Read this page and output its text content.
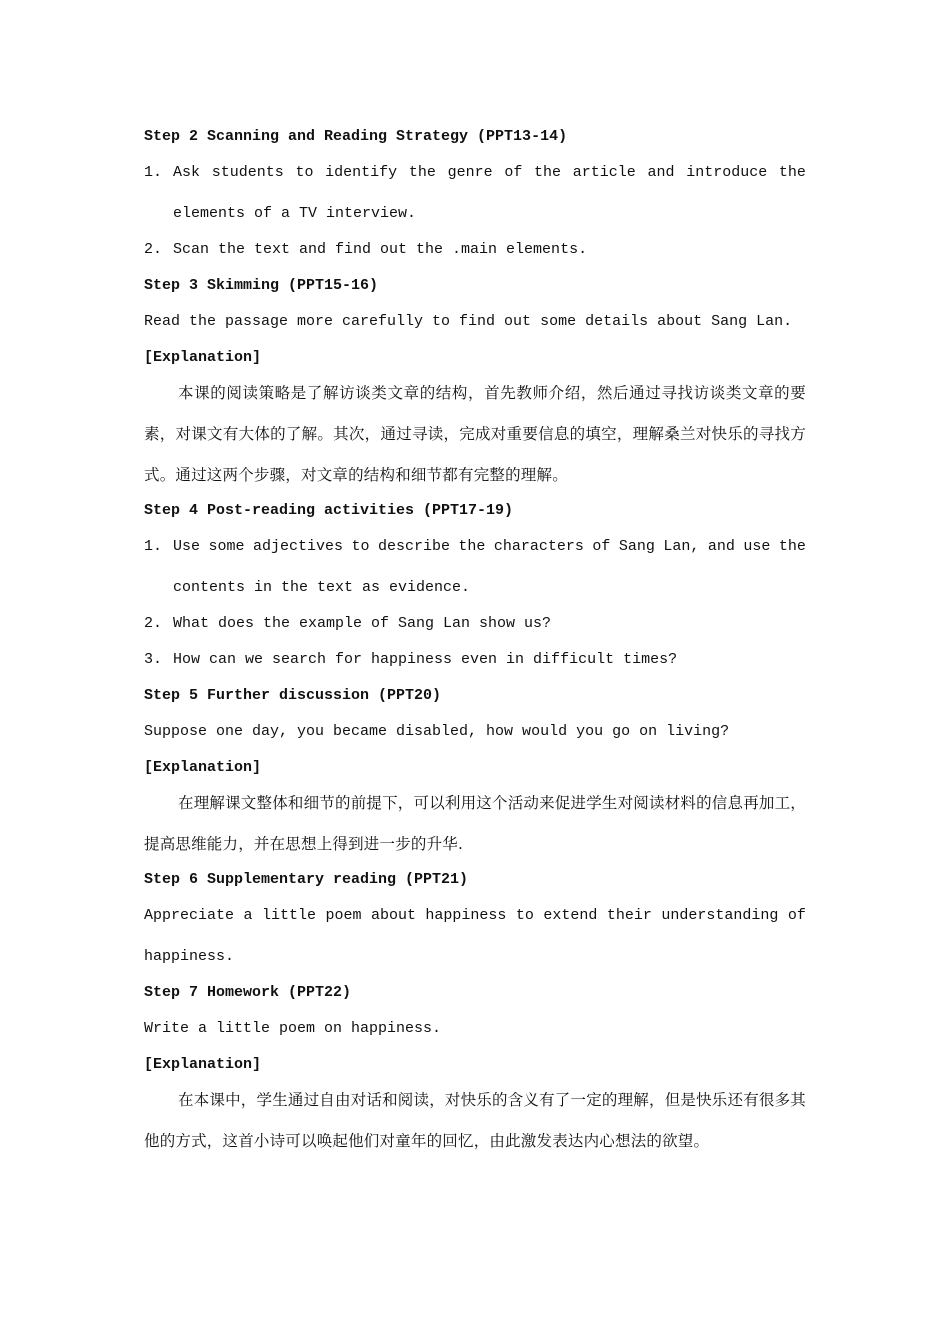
Step 2 Scanning and Reading Strategy (PPT13-14)
1. Ask students to identify the genre of the article and introduce the
elements of a TV interview.
2. Scan the text and find out the .main elements.
Step 3 Skimming (PPT15-16)
Read the passage more carefully to find out some details about Sang Lan.
[Explanation]

本课的阅读策略是了解访谈类文章的结构，首先教师介绍，然后通过寻找访谈类文章的要素，对课文有大体的了解。其次，通过寻读，完成对重要信息的填空，理解桑兰对快乐的寻找方式。通过这两个步骤，对文章的结构和细节都有完整的理解。

Step 4 Post-reading activities (PPT17-19)
1. Use some adjectives to describe the characters of Sang Lan, and use the
contents in the text as evidence.
2. What does the example of Sang Lan show us?
3. How can we search for happiness even in difficult times?
Step 5 Further discussion (PPT20)
Suppose one day, you became disabled, how would you go on living?
[Explanation]

在理解课文整体和细节的前提下，可以利用这个活动来促进学生对阅读材料的信息再加工，提高思维能力，并在思想上得到进一步的升华.

Step 6 Supplementary reading (PPT21)
Appreciate a little poem about happiness to extend their understanding of
happiness.
Step 7 Homework (PPT22)
Write a little poem on happiness.
[Explanation]

在本课中，学生通过自由对话和阅读，对快乐的含义有了一定的理解，但是快乐还有很多其他的方式，这首小诗可以唤起他们对童年的回忆，由此激发表达内心想法的欲望。
